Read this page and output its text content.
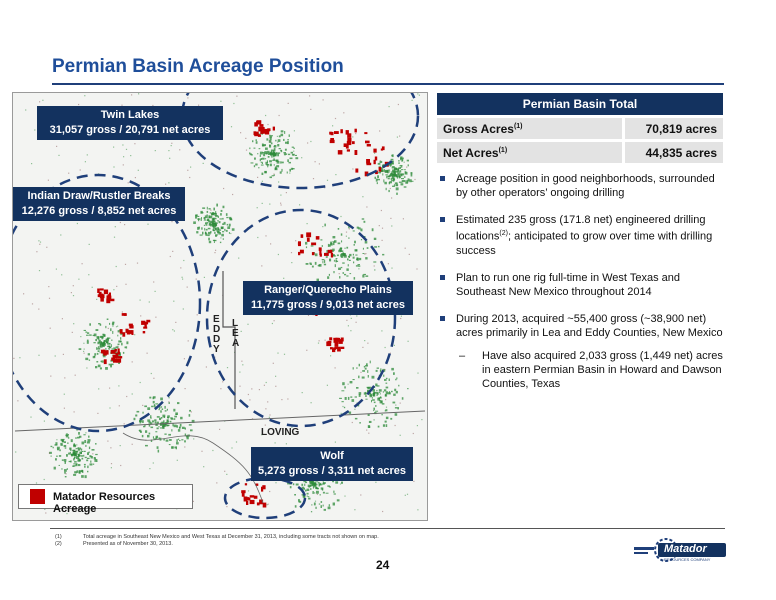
Permian Basin Acreage Position
Twin Lakes
31,057 gross / 20,791 net acres
Indian Draw/Rustler Breaks
12,276 gross / 8,852 net acres
Ranger/Querecho Plains
11,775 gross / 9,013 net acres
Wolf
5,273 gross / 3,311 net acres
EDDY
LEA
LOVING
Matador Resources Acreage
Permian Basin Total	
Gross Acres$^{(1)}$	70,819 acres
Net Acres$^{(1)}$	44,835 acres
Acreage position in good neighborhoods, surrounded by other operators’ ongoing drilling
Estimated 235 gross (171.8 net) engineered drilling locations$^{(2)}$; anticipated to grow over time with drilling success
Plan to run one rig full-time in West Texas and Southeast New Mexico throughout 2014
During 2013, acquired ~55,400 gross (~38,900 net) acres primarily in Lea and Eddy Counties, New Mexico
– Have also acquired 2,033 gross (1,449 net) acres in eastern Permian Basin in Howard and Dawson Counties, Texas
(1)	Total acreage in Southeast New Mexico and West Texas at December 31, 2013, including some tracts not shown on map.
(2)	Presented as of November 30, 2013.
24
Matador
RESOURCES COMPANY
